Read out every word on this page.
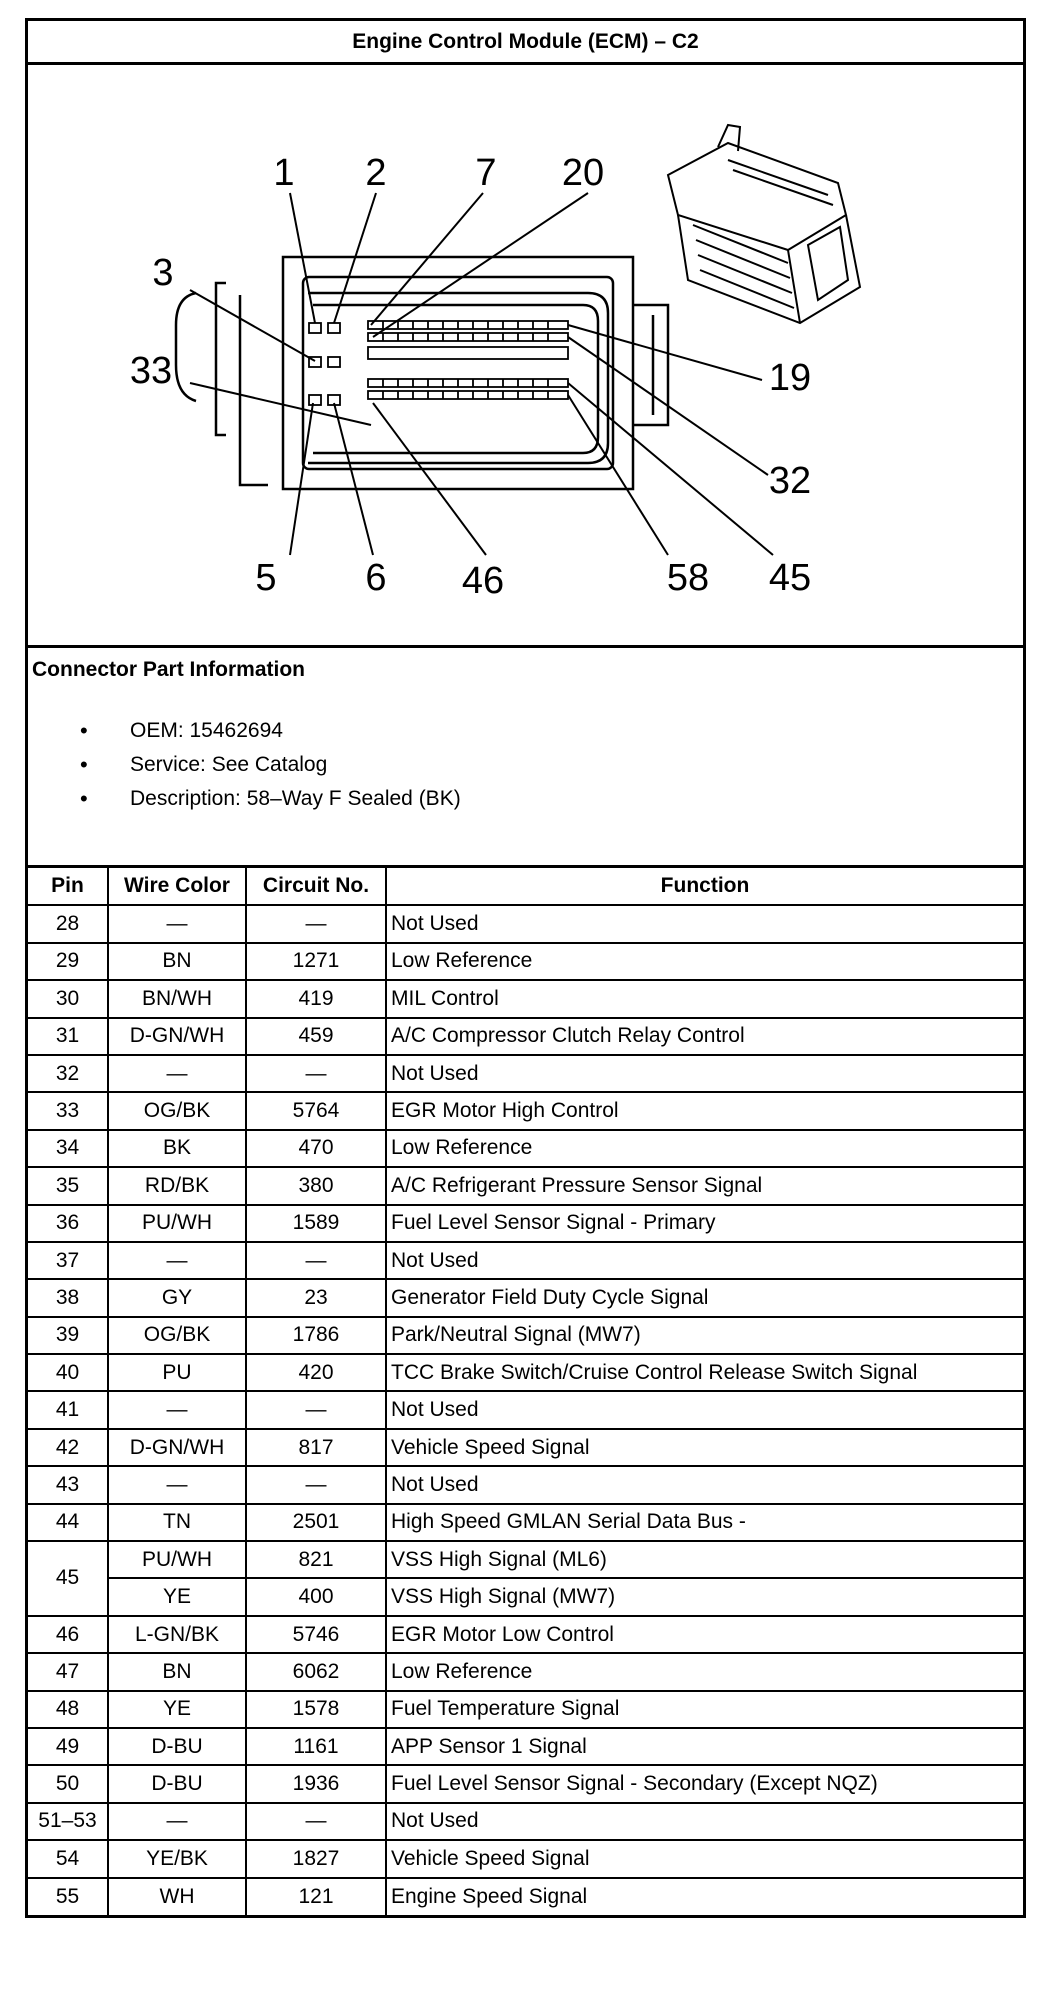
Engine Control Module (ECM) – C2
1 2 7 20
3
33	19
32
5 6 46	58 45
Connector Part Information
• OEM: 15462694
• Service: See Catalog
• Description: 58–Way F Sealed (BK)
Pin	Wire Color	Circuit No.	Function
28	—	—	Not Used
29	BN	1271	Low Reference
30	BN/WH	419	MIL Control
31	D-GN/WH	459	A/C Compressor Clutch Relay Control
32	—	—	Not Used
33	OG/BK	5764	EGR Motor High Control
34	BK	470	Low Reference
35	RD/BK	380	A/C Refrigerant Pressure Sensor Signal
36	PU/WH	1589	Fuel Level Sensor Signal - Primary
37	—	—	Not Used
38	GY	23	Generator Field Duty Cycle Signal
39	OG/BK	1786	Park/Neutral Signal (MW7)
40	PU	420	TCC Brake Switch/Cruise Control Release Switch Signal
41	—	—	Not Used
42	D-GN/WH	817	Vehicle Speed Signal
43	—	—	Not Used
44	TN	2501	High Speed GMLAN Serial Data Bus -
45	PU/WH	821	VSS High Signal (ML6)
	YE	400	VSS High Signal (MW7)
46	L-GN/BK	5746	EGR Motor Low Control
47	BN	6062	Low Reference
48	YE	1578	Fuel Temperature Signal
49	D-BU	1161	APP Sensor 1 Signal
50	D-BU	1936	Fuel Level Sensor Signal - Secondary (Except NQZ)
51–53	—	—	Not Used
54	YE/BK	1827	Vehicle Speed Signal
55	WH	121	Engine Speed Signal
